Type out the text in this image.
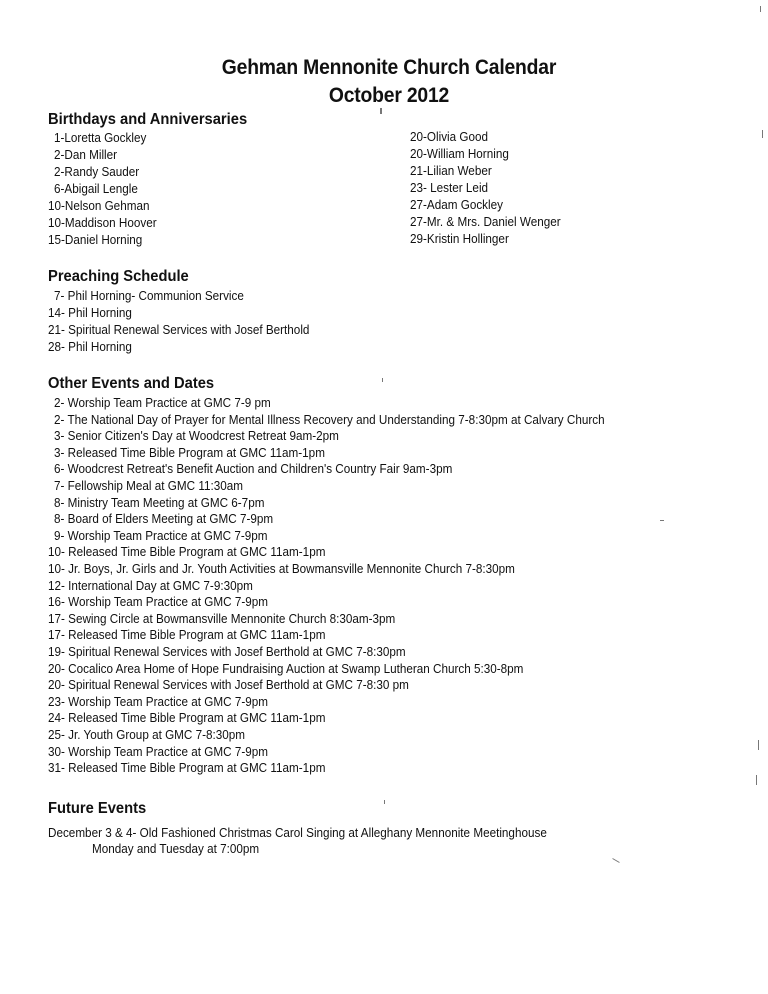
Gehman Mennonite Church Calendar
October 2012
Birthdays and Anniversaries
1-Loretta Gockley
2-Dan Miller
2-Randy Sauder
6-Abigail Lengle
10-Nelson Gehman
10-Maddison Hoover
15-Daniel Horning
20-Olivia Good
20-William Horning
21-Lilian Weber
23- Lester Leid
27-Adam Gockley
27-Mr. & Mrs. Daniel Wenger
29-Kristin Hollinger
Preaching Schedule
7- Phil Horning- Communion Service
14- Phil Horning
21- Spiritual Renewal Services with Josef Berthold
28- Phil Horning
Other Events and Dates
2- Worship Team Practice at GMC 7-9 pm
2- The National Day of Prayer for Mental Illness Recovery and Understanding 7-8:30pm at Calvary Church
3- Senior Citizen's Day at Woodcrest Retreat 9am-2pm
3- Released Time Bible Program at GMC 11am-1pm
6- Woodcrest Retreat's Benefit Auction and Children's Country Fair 9am-3pm
7- Fellowship Meal at GMC 11:30am
8- Ministry Team Meeting at GMC 6-7pm
8- Board of Elders Meeting at GMC 7-9pm
9- Worship Team Practice at GMC 7-9pm
10- Released Time Bible Program at GMC 11am-1pm
10- Jr. Boys, Jr. Girls and Jr. Youth Activities at Bowmansville Mennonite Church 7-8:30pm
12- International Day at GMC 7-9:30pm
16- Worship Team Practice at GMC 7-9pm
17- Sewing Circle at Bowmansville Mennonite Church 8:30am-3pm
17- Released Time Bible Program at GMC 11am-1pm
19- Spiritual Renewal Services with Josef Berthold at GMC 7-8:30pm
20- Cocalico Area Home of Hope Fundraising Auction at Swamp Lutheran Church 5:30-8pm
20- Spiritual Renewal Services with Josef Berthold at GMC 7-8:30 pm
23- Worship Team Practice at GMC 7-9pm
24- Released Time Bible Program at GMC 11am-1pm
25- Jr. Youth Group at GMC 7-8:30pm
30- Worship Team Practice at GMC 7-9pm
31- Released Time Bible Program at GMC 11am-1pm
Future Events
December 3 & 4- Old Fashioned Christmas Carol Singing at Alleghany Mennonite Meetinghouse
Monday and Tuesday at 7:00pm
